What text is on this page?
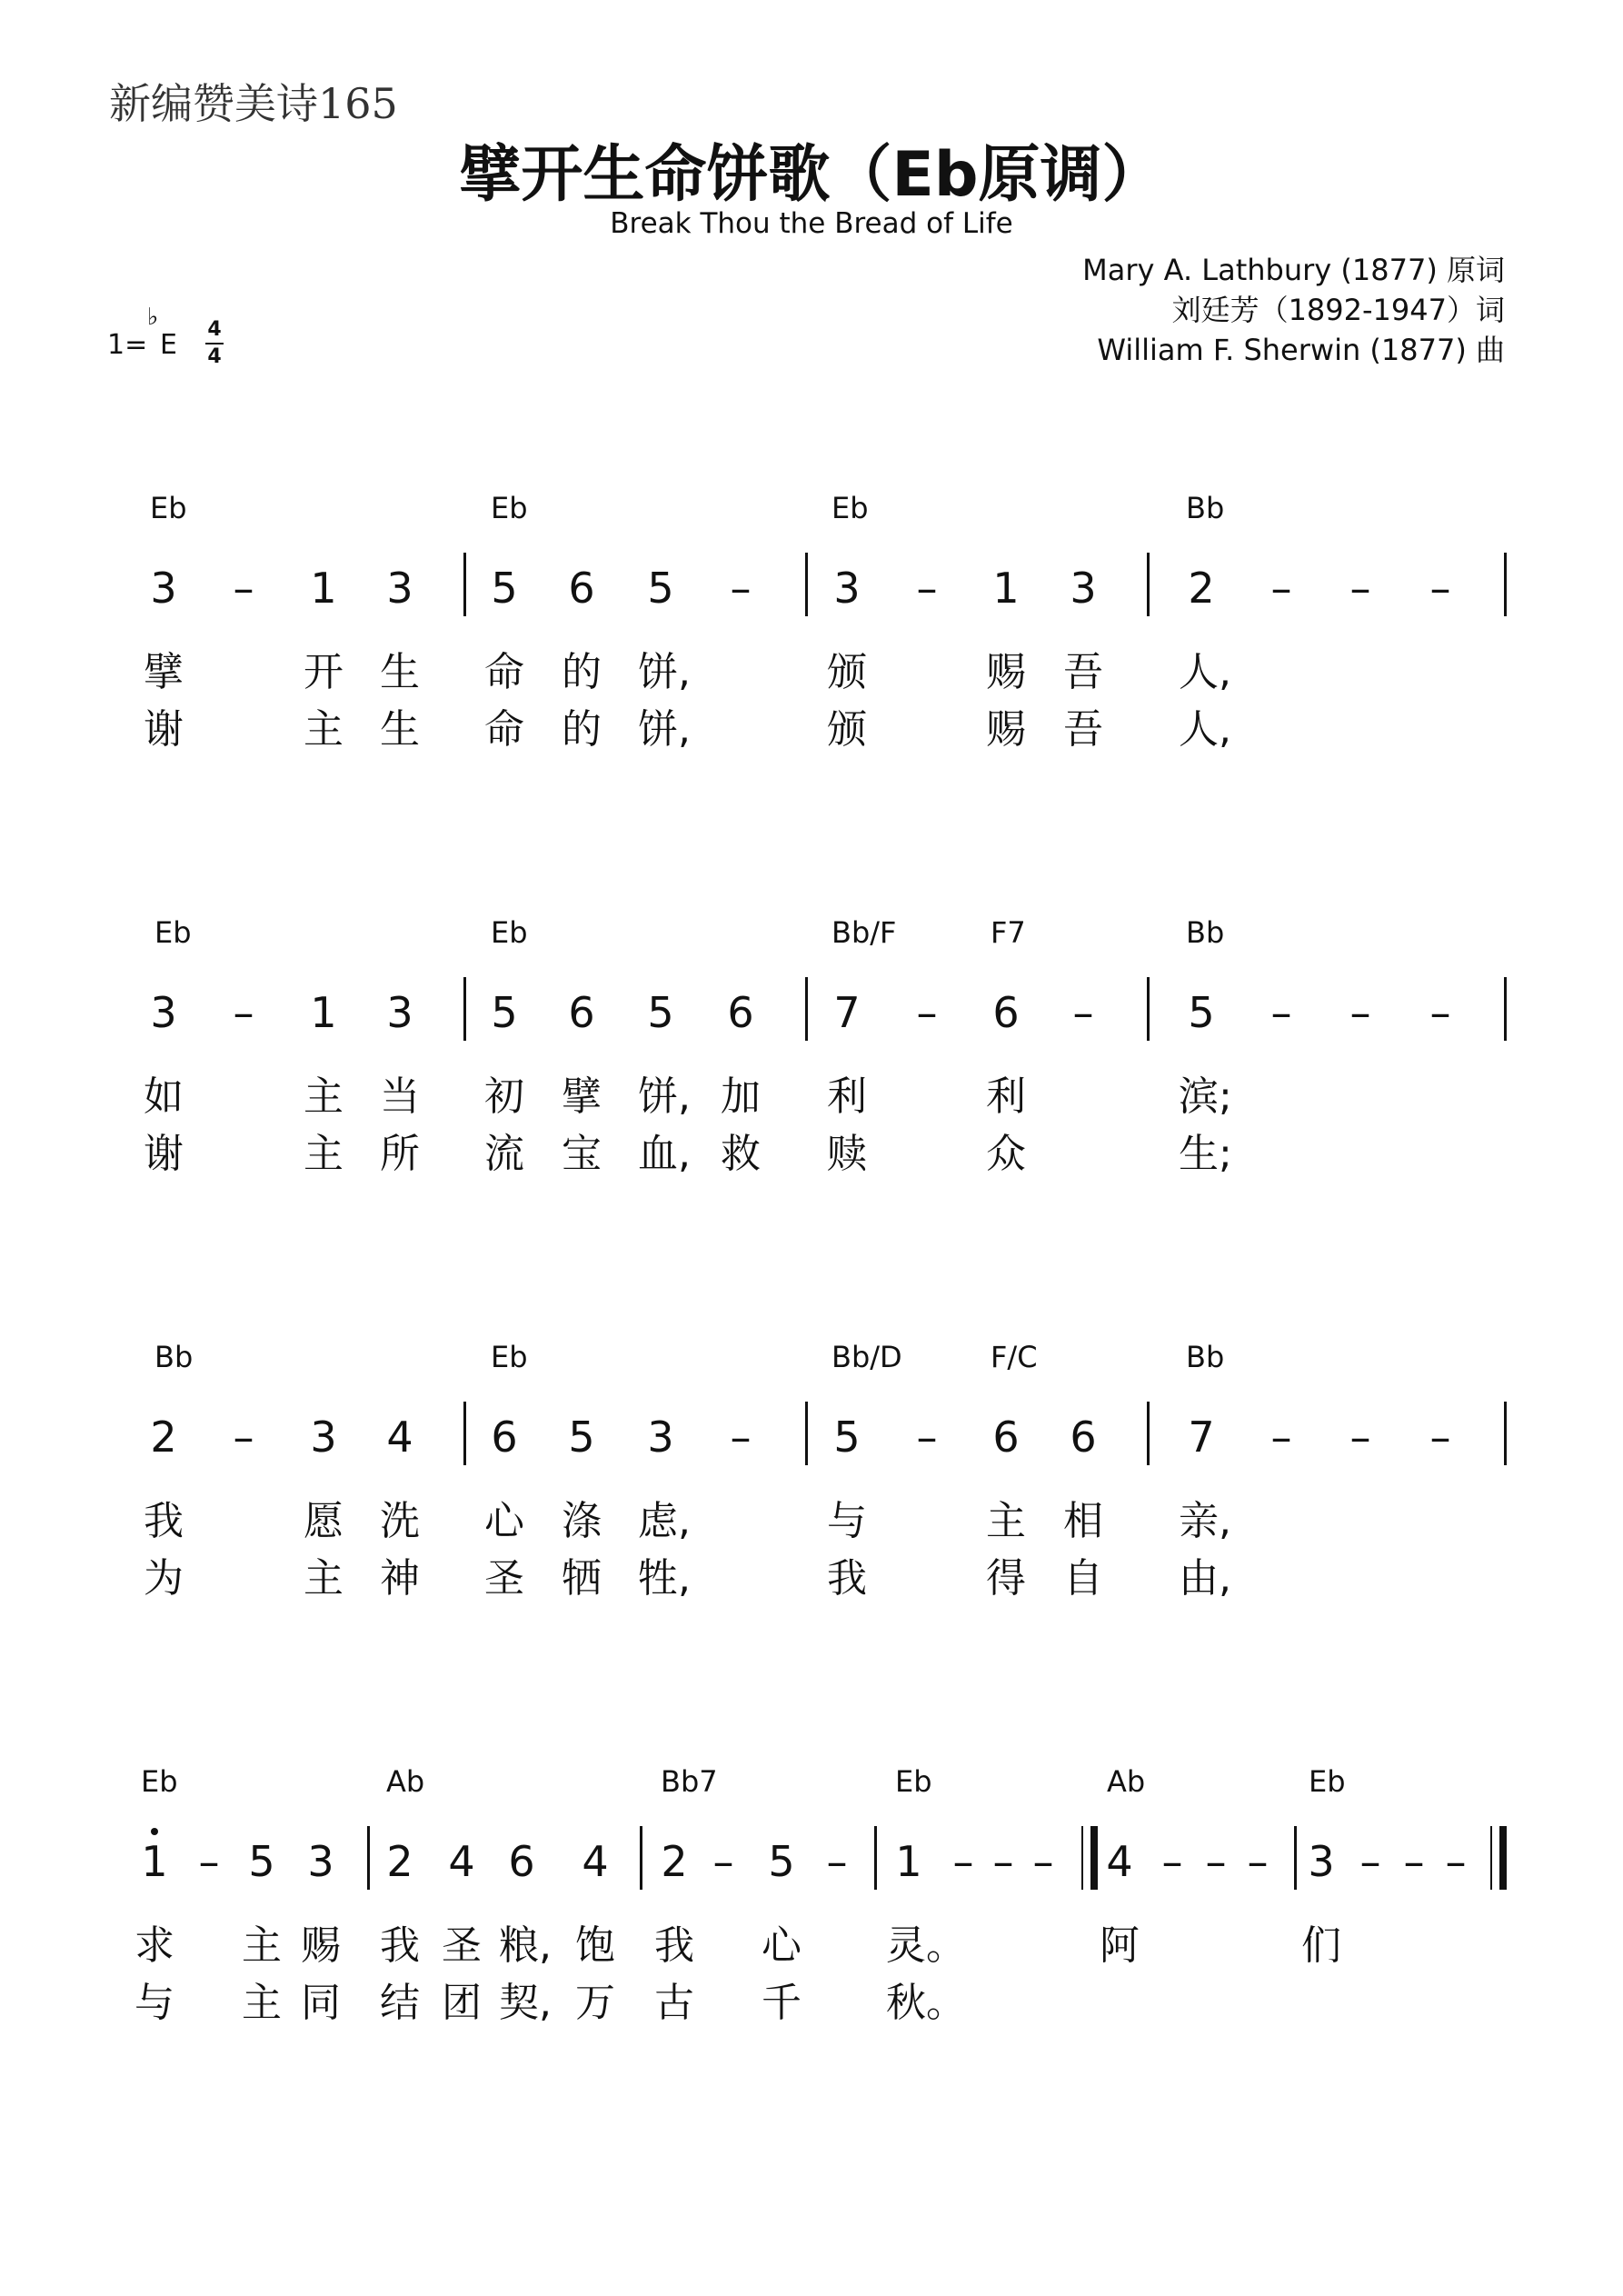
新编赞美诗165
擘开生命饼歌（Eb原调）
Break Thou the Bread of Life
Mary A. Lathbury (1877) 原词
刘廷芳（1892-1947）词
William F. Sherwin (1877) 曲
1=
♭
E 4
4
Eb	Eb	Eb	Bb
3 – 1 3 5 6 5 – 3 – 1 3 2 – – –
擘	开 生 命 的 饼,	颁	赐 吾 人,
谢	主 生 命 的 饼,	颁	赐 吾 人,
Eb	Eb	Bb/F	F7	Bb
3 – 1 3 5 6 5 6 7 – 6 – 5 – – –
如	主 当 初 擘 饼, 加 利	利	滨;
谢	主 所 流 宝 血, 救 赎	众	生;
Bb	Eb	Bb/D	F/C	Bb
2 – 3 4 6 5 3 – 5 – 6 6 7 – – –
我	愿 洗 心 涤 虑,	与	主 相 亲,
为	主 神 圣 牺 牲,	我	得 自 由,
Eb	Ab	Bb7	Eb	Ab	Eb
1 – 5 3 2 4 6 4 2 – 5 – 1 – – – 4 – – – 3 – – –
求 主 赐 我 圣 粮, 饱 我 心 灵。	阿	们
与 主 同 结 团 契, 万 古 千 秋。
